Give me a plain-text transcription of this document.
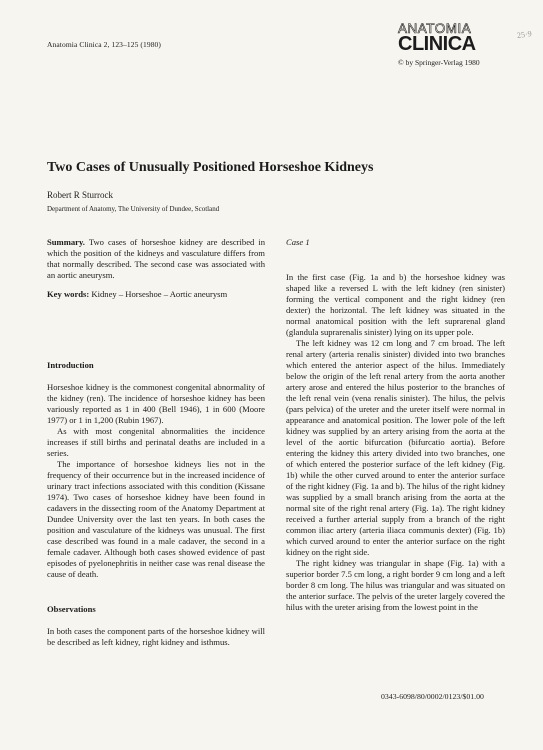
Anatomia Clinica 2, 123–125 (1980)
ANATOMIA
CLINICA
© by Springer-Verlag 1980
25·9
Two Cases of Unusually Positioned Horseshoe Kidneys
Robert R Sturrock
Department of Anatomy, The University of Dundee, Scotland

Summary. Two cases of horseshoe kidney are described in which the position of the kidneys and vasculature differs from that normally described. The second case was associated with an aortic aneurysm.

Key words: Kidney – Horseshoe – Aortic aneurysm

Introduction

Horseshoe kidney is the commonest congenital abnormality of the kidney (ren). The incidence of horseshoe kidney has been variously reported as 1 in 400 (Bell 1946), 1 in 600 (Moore 1977) or 1 in 1,200 (Rubin 1967).

As with most congenital abnormalities the incidence increases if still births and perinatal deaths are included in a series.

The importance of horseshoe kidneys lies not in the frequency of their occurrence but in the increased incidence of urinary tract infections associated with this condition (Kissane 1974). Two cases of horseshoe kidney have been found in cadavers in the dissecting room of the Anatomy Department at Dundee University over the last ten years. In both cases the position and vasculature of the kidneys was unusual. The first case described was found in a male cadaver, the second in a female cadaver. Although both cases showed evidence of past episodes of pyelonephritis in neither case was renal disease the cause of death.

Observations

In both cases the component parts of the horseshoe kidney will be described as left kidney, right kidney and isthmus.

Case 1

In the first case (Fig. 1a and b) the horseshoe kidney was shaped like a reversed L with the left kidney (ren sinister) forming the vertical component and the right kidney (ren dexter) the horizontal. The left kidney was situated in the normal anatomical position with the left suprarenal gland (glandula suprarenalis sinister) lying on its upper pole.

The left kidney was 12 cm long and 7 cm broad. The left renal artery (arteria renalis sinister) divided into two branches which entered the anterior aspect of the hilus. Immediately below the origin of the left renal artery from the aorta another artery arose and entered the hilus posterior to the branches of the left renal vein (vena renalis sinister). The hilus, the pelvis (pars pelvica) of the ureter and the ureter itself were normal in appearance and anatomical position. The lower pole of the left kidney was supplied by an artery arising from the aorta at the level of the aortic bifurcation (bifurcatio aortia). Before entering the kidney this artery divided into two branches, one of which entered the posterior surface of the left kidney (Fig. 1b) while the other curved around to enter the anterior surface of the right kidney (Fig. 1a and b). The hilus of the right kidney was supplied by a small branch arising from the aorta at the normal site of the right renal artery (Fig. 1a). The right kidney received a further arterial supply from a branch of the right common iliac artery (arteria iliaca communis dexter) (Fig. 1b) which curved around to enter the anterior surface on the right kidney on the right side.

The right kidney was triangular in shape (Fig. 1a) with a superior border 7.5 cm long, a right border 9 cm long and a left border 8 cm long. The hilus was triangular and was situated on the anterior surface. The pelvis of the ureter largely covered the hilus with the ureter arising from the lowest point in the

0343-6098/80/0002/0123/$01.00
